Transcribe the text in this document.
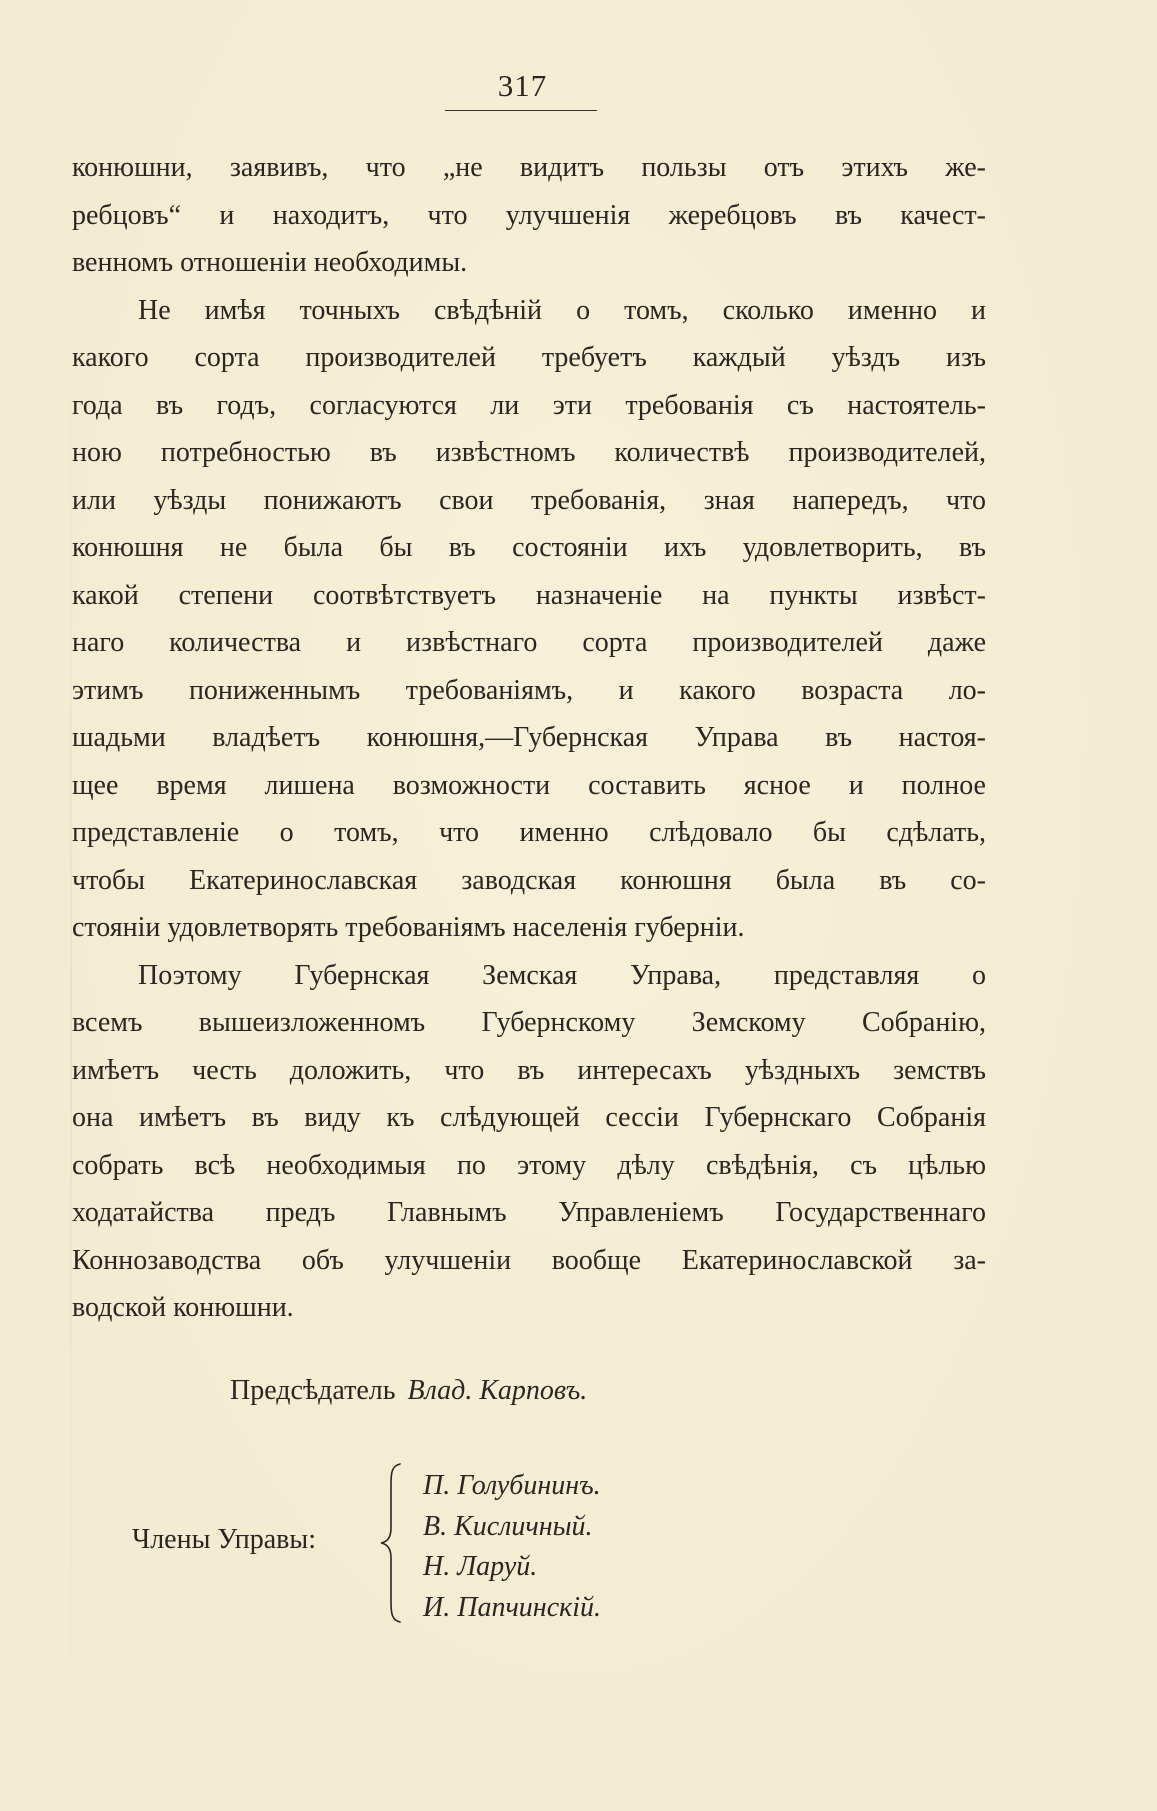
317

конюшни, заявивъ, что „не видитъ пользы отъ этихъ же-
ребцовъ“ и находитъ, что улучшенія жеребцовъ въ качест-

венномъ отношеніи необходимы.

Не имѣя точныхъ свѣдѣній о томъ, сколько именно и

какого сорта производителей требуетъ каждый уѣздъ изъ
года въ годъ, согласуются ли эти требованія съ настоятель-
ною потребностью въ извѣстномъ количествѣ производителей,
или уѣзды понижаютъ свои требованія, зная напередъ, что
конюшня не была бы въ состояніи ихъ удовлетворить, въ
какой степени соотвѣтствуетъ назначеніе на пункты извѣст-
наго количества и извѣстнаго сорта производителей даже
этимъ пониженнымъ требованіямъ, и какого возраста ло-
шадьми владѣетъ конюшня,—Губернская Управа въ настоя-
щее время лишена возможности составить ясное и полное
представленіе о томъ, что именно слѣдовало бы сдѣлать,
чтобы Екатеринославская заводская конюшня была въ со-

стояніи удовлетворять требованіямъ населенія губерніи.

Поэтому Губернская Земская Управа, представляя о

всемъ вышеизложенномъ Губернскому Земскому Собранію,
имѣетъ честь доложить, что въ интересахъ уѣздныхъ земствъ
она имѣетъ въ виду къ слѣдующей сессіи Губернскаго Собранія
собрать всѣ необходимыя по этому дѣлу свѣдѣнія, съ цѣлью
ходатайства предъ Главнымъ Управленіемъ Государственнаго
Коннозаводства объ улучшеніи вообще Екатеринославской за-

водской конюшни.

Предсѣдатель Влад. Карповъ.
Члены Управы:
П. Голубининъ.
В. Кисличный.
Н. Ларуй.
И. Папчинскій.
